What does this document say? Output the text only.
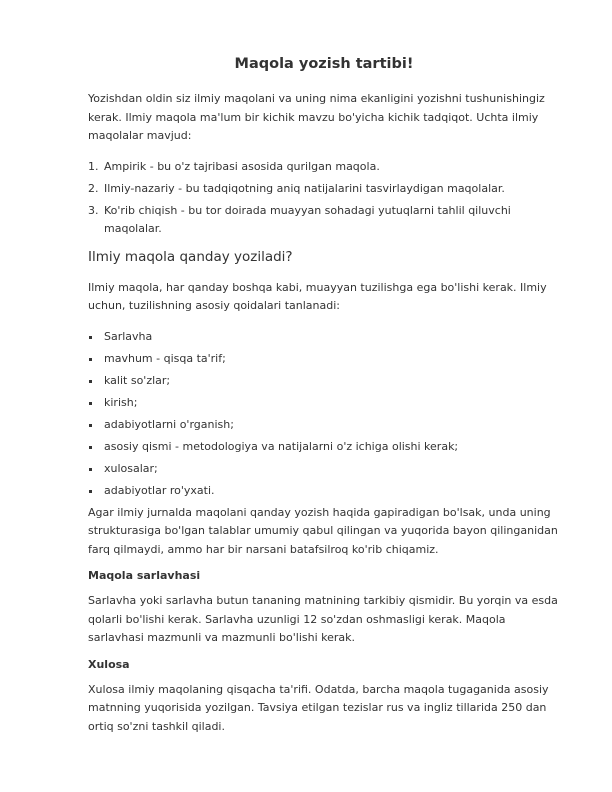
Maqola yozish tartibi!

Yozishdan oldin siz ilmiy maqolani va uning nima ekanligini yozishni tushunishingiz kerak. Ilmiy maqola ma'lum bir kichik mavzu bo'yicha kichik tadqiqot. Uchta ilmiy maqolalar mavjud:

1. Ampirik - bu o'z tajribasi asosida qurilgan maqola.
2. Ilmiy-nazariy - bu tadqiqotning aniq natijalarini tasvirlaydigan maqolalar.
3. Ko'rib chiqish - bu tor doirada muayyan sohadagi yutuqlarni tahlil qiluvchi maqolalar.
Ilmiy maqola qanday yoziladi?

Ilmiy maqola, har qanday boshqa kabi, muayyan tuzilishga ega bo'lishi kerak. Ilmiy uchun, tuzilishning asosiy qoidalari tanlanadi:

Sarlavha
mavhum - qisqa ta'rif;
kalit so'zlar;
kirish;
adabiyotlarni o'rganish;
asosiy qismi - metodologiya va natijalarni o'z ichiga olishi kerak;
xulosalar;
adabiyotlar ro'yxati.

Agar ilmiy jurnalda maqolani qanday yozish haqida gapiradigan bo'lsak, unda uning strukturasiga bo'lgan talablar umumiy qabul qilingan va yuqorida bayon qilinganidan farq qilmaydi, ammo har bir narsani batafsilroq ko'rib chiqamiz.

Maqola sarlavhasi

Sarlavha yoki sarlavha butun tananing matnining tarkibiy qismidir. Bu yorqin va esda qolarli bo'lishi kerak. Sarlavha uzunligi 12 so'zdan oshmasligi kerak. Maqola sarlavhasi mazmunli va mazmunli bo'lishi kerak.

Xulosa

Xulosa ilmiy maqolaning qisqacha ta'rifi. Odatda, barcha maqola tugaganida asosiy matnning yuqorisida yozilgan. Tavsiya etilgan tezislar rus va ingliz tillarida 250 dan ortiq so'zni tashkil qiladi.
